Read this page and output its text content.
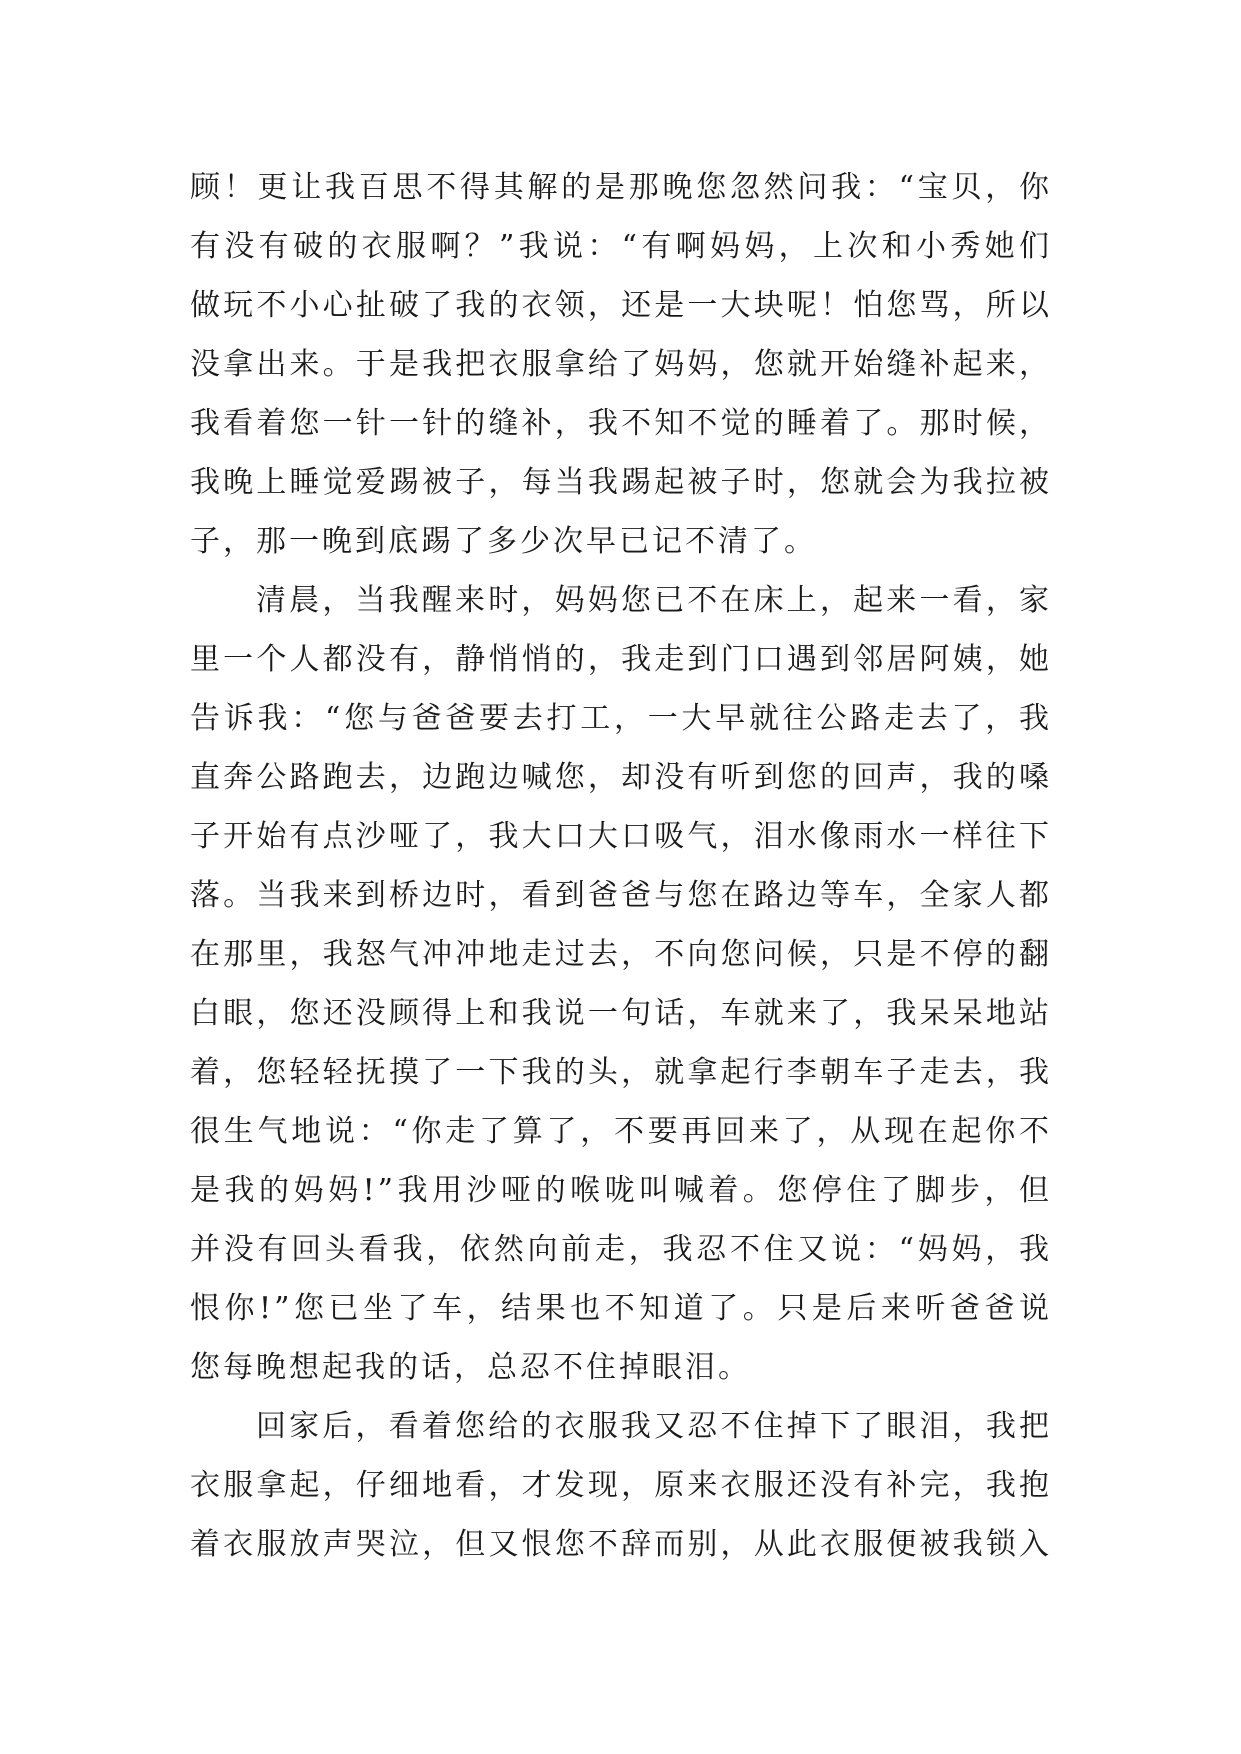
顾！更让我百思不得其解的是那晚您忽然问我：“宝贝，你
有没有破的衣服啊？”我说：“有啊妈妈，上次和小秀她们
做玩不小心扯破了我的衣领，还是一大块呢！怕您骂，所以
没拿出来。于是我把衣服拿给了妈妈，您就开始缝补起来，
我看着您一针一针的缝补，我不知不觉的睡着了。那时候，
我晚上睡觉爱踢被子，每当我踢起被子时，您就会为我拉被
子，那一晚到底踢了多少次早已记不清了。
清晨，当我醒来时，妈妈您已不在床上，起来一看，家
里一个人都没有，静悄悄的，我走到门口遇到邻居阿姨，她
告诉我：“您与爸爸要去打工，一大早就往公路走去了，我
直奔公路跑去，边跑边喊您，却没有听到您的回声，我的嗓
子开始有点沙哑了，我大口大口吸气，泪水像雨水一样往下
落。当我来到桥边时，看到爸爸与您在路边等车，全家人都
在那里，我怒气冲冲地走过去，不向您问候，只是不停的翻
白眼，您还没顾得上和我说一句话，车就来了，我呆呆地站
着，您轻轻抚摸了一下我的头，就拿起行李朝车子走去，我
很生气地说：“你走了算了，不要再回来了，从现在起你不
是我的妈妈!”我用沙哑的喉咙叫喊着。您停住了脚步，但
并没有回头看我，依然向前走，我忍不住又说：“妈妈，我
恨你!”您已坐了车，结果也不知道了。只是后来听爸爸说
您每晚想起我的话，总忍不住掉眼泪。
回家后，看着您给的衣服我又忍不住掉下了眼泪，我把
衣服拿起，仔细地看，才发现，原来衣服还没有补完，我抱
着衣服放声哭泣，但又恨您不辞而别，从此衣服便被我锁入
